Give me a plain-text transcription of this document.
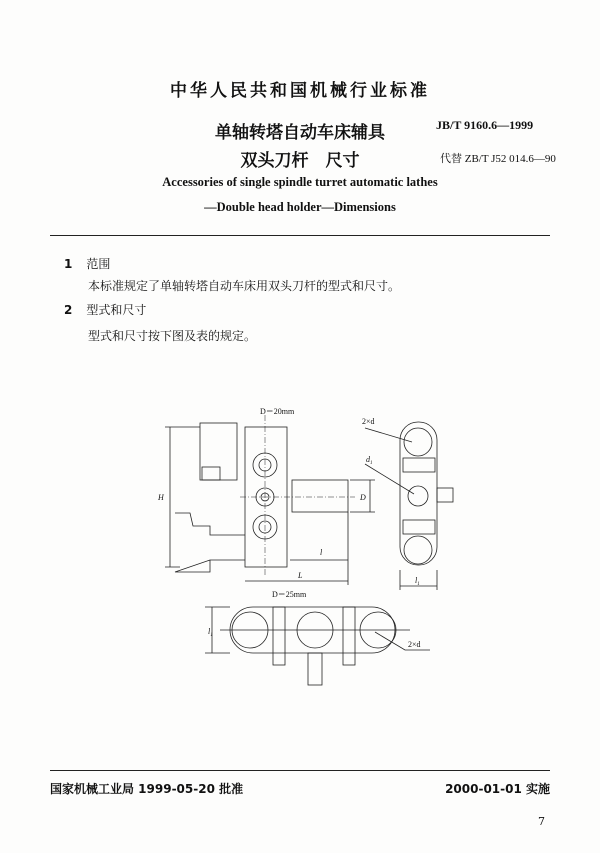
中华人民共和国机械行业标准
单轴转塔自动车床辅具
双头刀杆　尺寸
JB/T 9160.6—1999
代替 ZB/T J52 014.6—90
Accessories of single spindle turret automatic lathes
—Double head holder—Dimensions
1 范围
本标准规定了单轴转塔自动车床用双头刀杆的型式和尺寸。
2 型式和尺寸
型式和尺寸按下图及表的规定。
H	D
l
L
D＝20mm
2×d
$d_1$
$l_1$
$l_1$
2×d
D＝25mm
国家机械工业局 1999-05-20 批准	2000-01-01 实施
7
